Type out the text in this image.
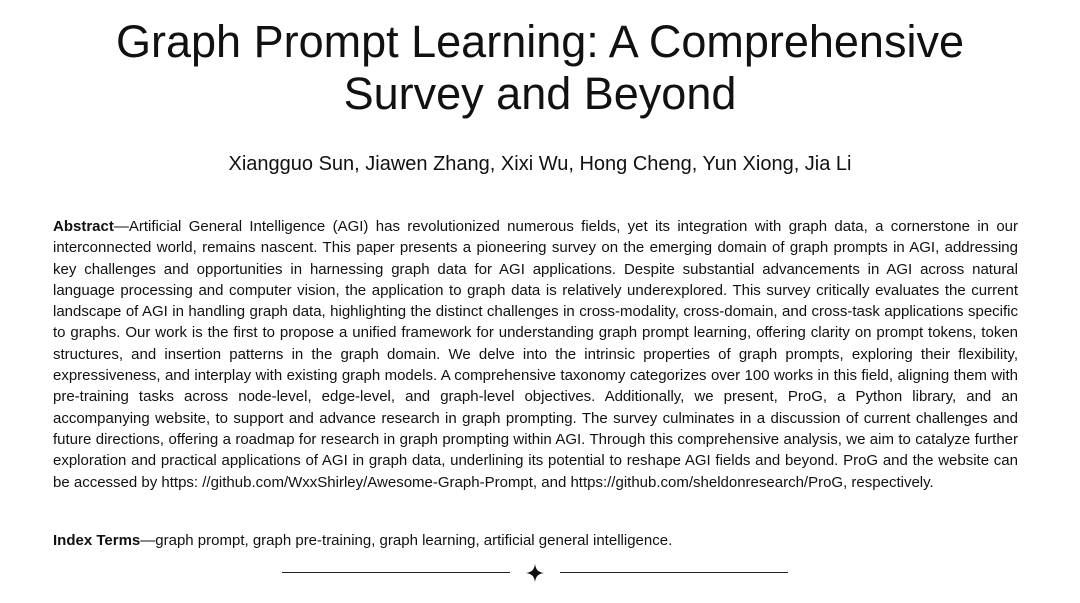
Graph Prompt Learning: A Comprehensive
Survey and Beyond

Xiangguo Sun, Jiawen Zhang, Xixi Wu, Hong Cheng, Yun Xiong, Jia Li

Abstract—Artificial General Intelligence (AGI) has revolutionized numerous fields, yet its integration with graph data, a cornerstone in our interconnected world, remains nascent. This paper presents a pioneering survey on the emerging domain of graph prompts in AGI, addressing key challenges and opportunities in harnessing graph data for AGI applications. Despite substantial advancements in AGI across natural language processing and computer vision, the application to graph data is relatively underexplored. This survey critically evaluates the current landscape of AGI in handling graph data, highlighting the distinct challenges in cross-modality, cross-domain, and cross-task applications specific to graphs. Our work is the first to propose a unified framework for understanding graph prompt learning, offering clarity on prompt tokens, token structures, and insertion patterns in the graph domain. We delve into the intrinsic properties of graph prompts, exploring their flexibility, expressiveness, and interplay with existing graph models. A comprehensive taxonomy categorizes over 100 works in this field, aligning them with pre-training tasks across node-level, edge-level, and graph-level objectives. Additionally, we present, ProG, a Python library, and an accompanying website, to support and advance research in graph prompting. The survey culminates in a discussion of current challenges and future directions, offering a roadmap for research in graph prompting within AGI. Through this comprehensive analysis, we aim to catalyze further exploration and practical applications of AGI in graph data, underlining its potential to reshape AGI fields and beyond. ProG and the website can be accessed by https: //github.com/WxxShirley/Awesome-Graph-Prompt, and https://github.com/sheldonresearch/ProG, respectively.

Index Terms—graph prompt, graph pre-training, graph learning, artificial general intelligence.
